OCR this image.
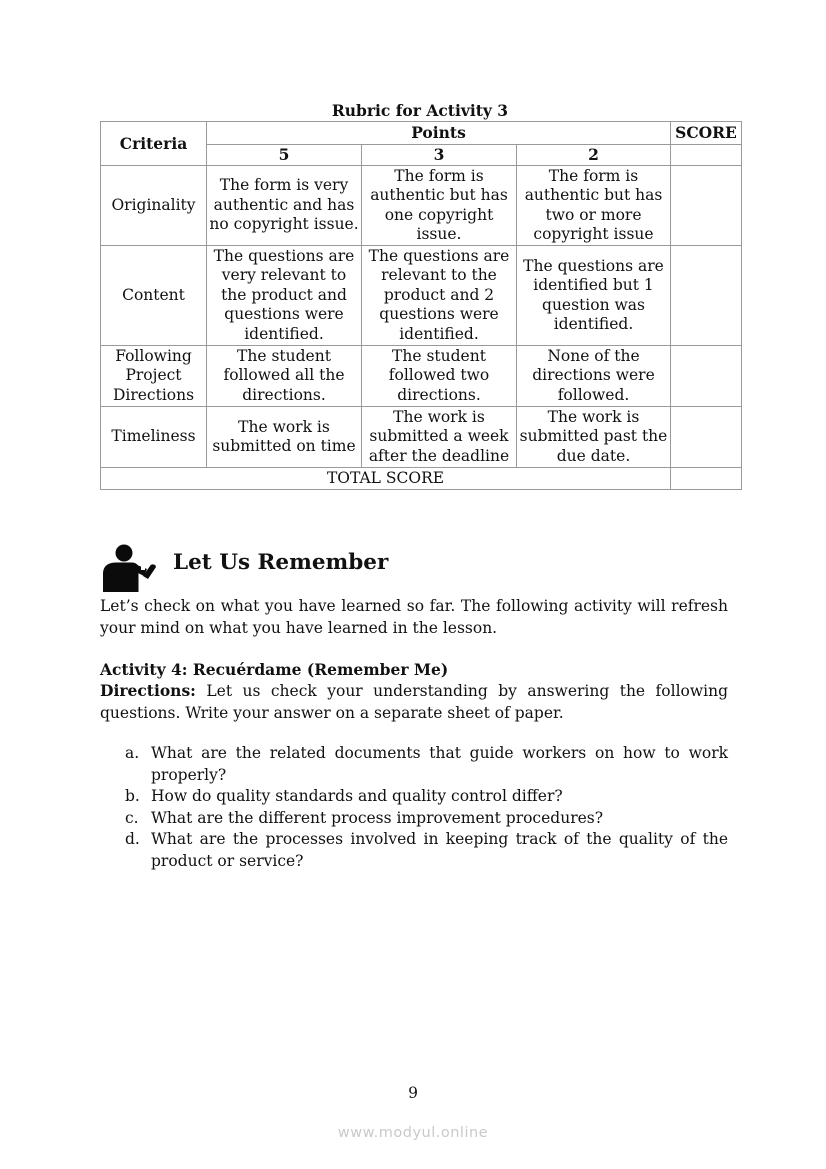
Rubric for Activity 3
Criteria	Points			SCORE
	5	3	2	
Originality	The form is very authentic and has no copyright issue.	The form is authentic but has one copyright issue.	The form is authentic but has two or more copyright issue	
Content	The questions are very relevant to the product and questions were identified.	The questions are relevant to the product and 2 questions were identified.	The questions are identified but 1 question was identified.	
Following Project Directions	The student followed all the directions.	The student followed two directions.	None of the directions were followed.	
Timeliness	The work is submitted on time	The work is submitted a week after the deadline	The work is submitted past the due date.	
TOTAL SCORE				
Let Us Remember
Let’s check on what you have learned so far. The following activity will refresh your mind on what you have learned in the lesson.
Activity 4: Recuérdame (Remember Me)
Directions: Let us check your understanding by answering the following questions. Write your answer on a separate sheet of paper.
a. What are the related documents that guide workers on how to work properly?
b. How do quality standards and quality control differ?
c. What are the different process improvement procedures?
d. What are the processes involved in keeping track of the quality of the product or service?
9
www.modyul.online
